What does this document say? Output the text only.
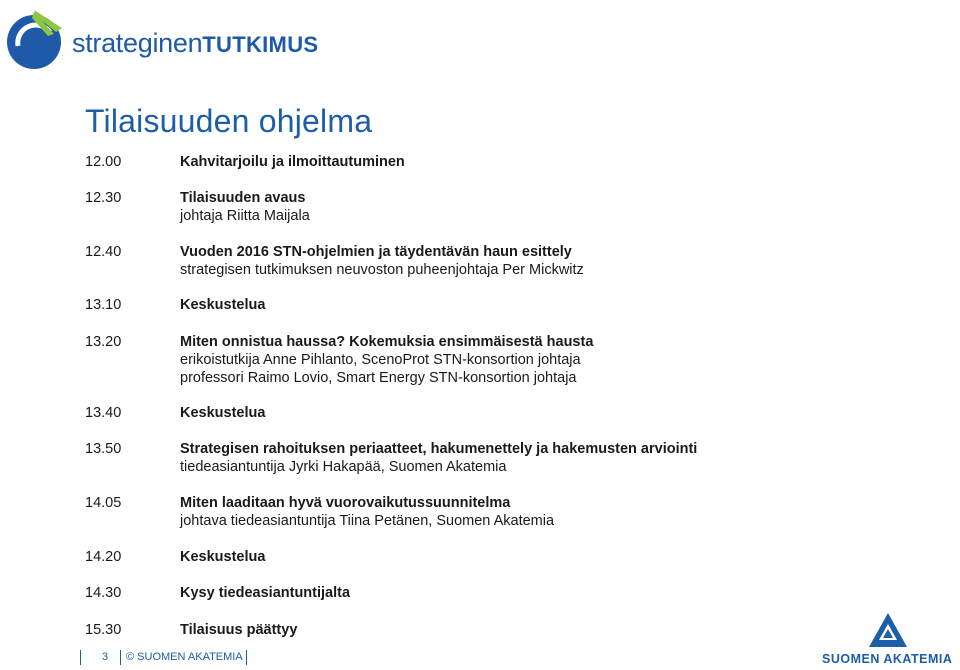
strateginenTUTKIMUS
Tilaisuuden ohjelma
12.00	Kahvitarjoilu ja ilmoittautuminen
12.30	Tilaisuuden avaus
johtaja Riitta Maijala
12.40	Vuoden 2016 STN-ohjelmien ja täydentävän haun esittely
strategisen tutkimuksen neuvoston puheenjohtaja Per Mickwitz
13.10	Keskustelua
13.20	Miten onnistua haussa? Kokemuksia ensimmäisestä hausta
erikoistutkija Anne Pihlanto, ScenoProt STN-konsortion johtaja
professori Raimo Lovio, Smart Energy STN-konsortion johtaja
13.40	Keskustelua
13.50	Strategisen rahoituksen periaatteet, hakumenettely ja hakemusten arviointi
tiedeasiantuntija Jyrki Hakapää, Suomen Akatemia
14.05	Miten laaditaan hyvä vuorovaikutussuunnitelma
johtava tiedeasiantuntija Tiina Petänen, Suomen Akatemia
14.20	Keskustelua
14.30	Kysy tiedeasiantuntijalta
15.30	Tilaisuus päättyy
3 © SUOMEN AKATEMIA	SUOMEN AKATEMIA
